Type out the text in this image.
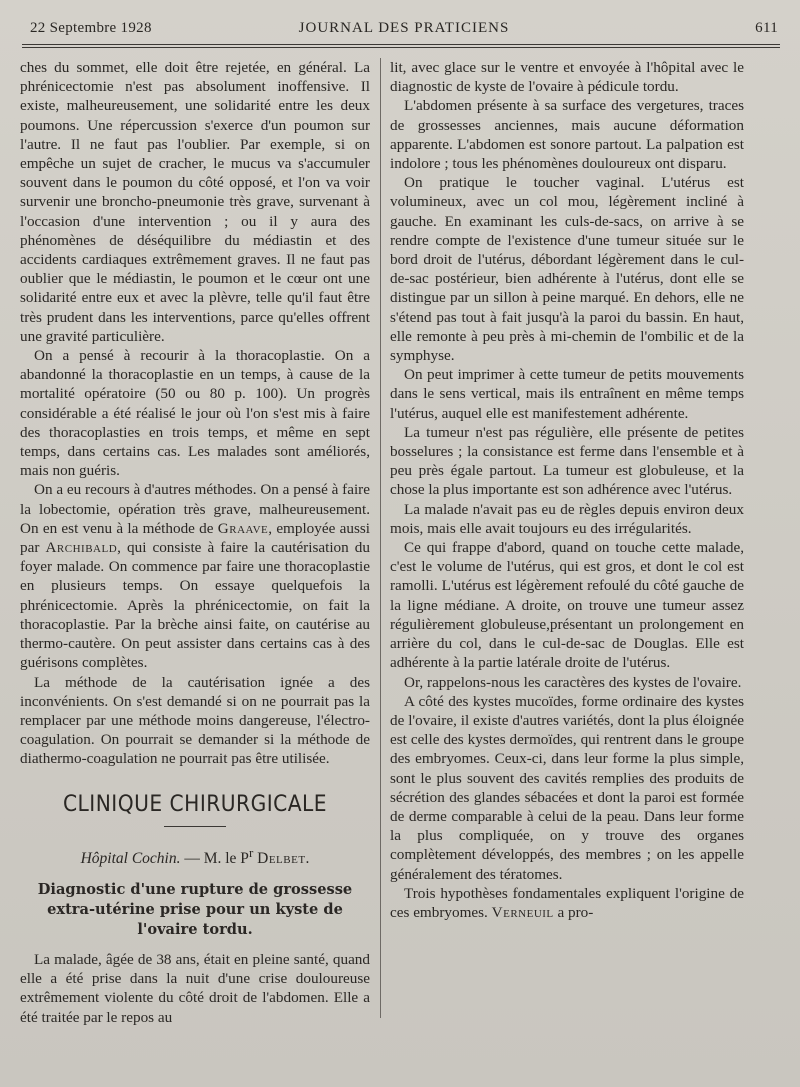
22 Septembre 1928	JOURNAL DES PRATICIENS	611

ches du sommet, elle doit être rejetée, en général. La phrénicectomie n'est pas absolument inoffensive. Il existe, malheureusement, une solidarité entre les deux poumons. Une répercussion s'exerce d'un poumon sur l'autre. Il ne faut pas l'oublier. Par exemple, si on empêche un sujet de cracher, le mucus va s'accumuler souvent dans le poumon du côté opposé, et l'on va voir survenir une broncho-pneumonie très grave, survenant à l'occasion d'une intervention ; ou il y aura des phénomènes de déséquilibre du médiastin et des accidents cardiaques extrêmement graves. Il ne faut pas oublier que le médiastin, le poumon et le cœur ont une solidarité entre eux et avec la plèvre, telle qu'il faut être très prudent dans les interventions, parce qu'elles offrent une gravité particulière.

On a pensé à recourir à la thoracoplastie. On a abandonné la thoracoplastie en un temps, à cause de la mortalité opératoire (50 ou 80 p. 100). Un progrès considérable a été réalisé le jour où l'on s'est mis à faire des thoracoplasties en trois temps, et même en sept temps, dans certains cas. Les malades sont améliorés, mais non guéris.

On a eu recours à d'autres méthodes. On a pensé à faire la lobectomie, opération très grave, malheureusement. On en est venu à la méthode de Graave, employée aussi par Archibald, qui consiste à faire la cautérisation du foyer malade. On commence par faire une thoracoplastie en plusieurs temps. On essaye quelquefois la phrénicectomie. Après la phrénicectomie, on fait la thoracoplastie. Par la brèche ainsi faite, on cautérise au thermo-cautère. On peut assister dans certains cas à des guérisons complètes.

La méthode de la cautérisation ignée a des inconvénients. On s'est demandé si on ne pourrait pas la remplacer par une méthode moins dangereuse, l'électro-coagulation. On pourrait se demander si la méthode de diathermo-coagulation ne pourrait pas être utilisée.

CLINIQUE CHIRURGICALE
Hôpital Cochin. — M. le $P^r$ Delbet.
Diagnostic d'une rupture de grossesse extra-utérine prise pour un kyste de l'ovaire tordu.

La malade, âgée de 38 ans, était en pleine santé, quand elle a été prise dans la nuit d'une crise douloureuse extrêmement violente du côté droit de l'abdomen. Elle a été traitée par le repos au

lit, avec glace sur le ventre et envoyée à l'hôpital avec le diagnostic de kyste de l'ovaire à pédicule tordu.

L'abdomen présente à sa surface des vergetures, traces de grossesses anciennes, mais aucune déformation apparente. L'abdomen est sonore partout. La palpation est indolore ; tous les phénomènes douloureux ont disparu.

On pratique le toucher vaginal. L'utérus est volumineux, avec un col mou, légèrement incliné à gauche. En examinant les culs-de-sacs, on arrive à se rendre compte de l'existence d'une tumeur située sur le bord droit de l'utérus, débordant légèrement dans le cul-de-sac postérieur, bien adhérente à l'utérus, dont elle se distingue par un sillon à peine marqué. En dehors, elle ne s'étend pas tout à fait jusqu'à la paroi du bassin. En haut, elle remonte à peu près à mi-chemin de l'ombilic et de la symphyse.

On peut imprimer à cette tumeur de petits mouvements dans le sens vertical, mais ils entraînent en même temps l'utérus, auquel elle est manifestement adhérente.

La tumeur n'est pas régulière, elle présente de petites bosselures ; la consistance est ferme dans l'ensemble et à peu près égale partout. La tumeur est globuleuse, et la chose la plus importante est son adhérence avec l'utérus.

La malade n'avait pas eu de règles depuis environ deux mois, mais elle avait toujours eu des irrégularités.

Ce qui frappe d'abord, quand on touche cette malade, c'est le volume de l'utérus, qui est gros, et dont le col est ramolli. L'utérus est légèrement refoulé du côté gauche de la ligne médiane. A droite, on trouve une tumeur assez régulièrement globuleuse,présentant un prolongement en arrière du col, dans le cul-de-sac de Douglas. Elle est adhérente à la partie latérale droite de l'utérus.

Or, rappelons-nous les caractères des kystes de l'ovaire.

A côté des kystes mucoïdes, forme ordinaire des kystes de l'ovaire, il existe d'autres variétés, dont la plus éloignée est celle des kystes dermoïdes, qui rentrent dans le groupe des embryomes. Ceux-ci, dans leur forme la plus simple, sont le plus souvent des cavités remplies des produits de sécrétion des glandes sébacées et dont la paroi est formée de derme comparable à celui de la peau. Dans leur forme la plus compliquée, on y trouve des organes complètement développés, des membres ; on les appelle généralement des tératomes.

Trois hypothèses fondamentales expliquent l'origine de ces embryomes. Verneuil a pro-
